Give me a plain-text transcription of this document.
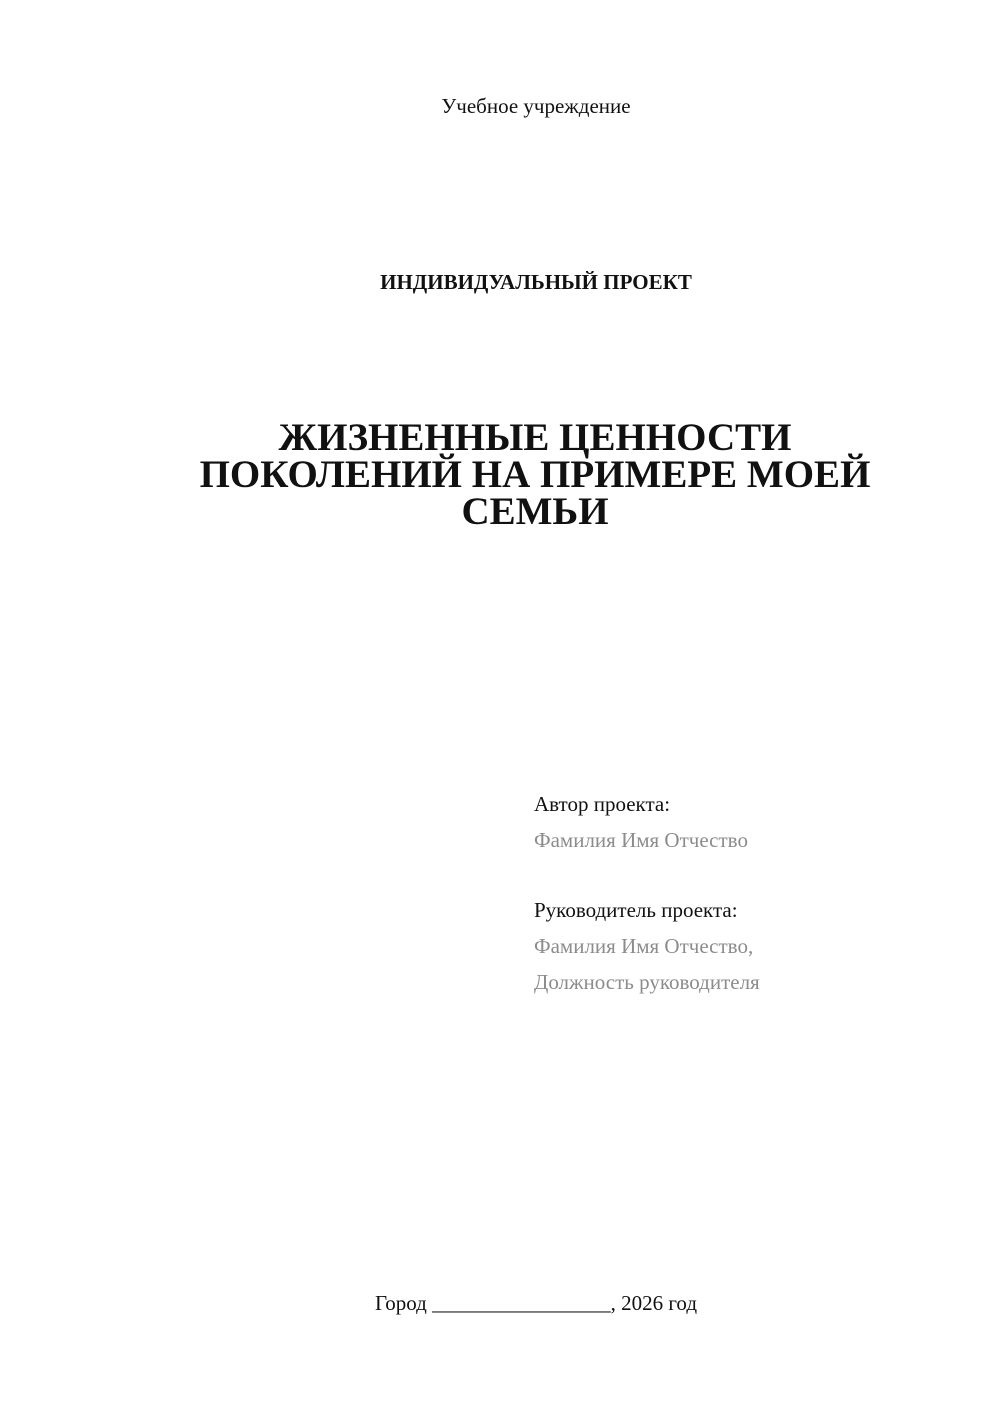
Учебное учреждение
ИНДИВИДУАЛЬНЫЙ ПРОЕКТ
ЖИЗНЕННЫЕ ЦЕННОСТИ
ПОКОЛЕНИЙ НА ПРИМЕРЕ МОЕЙ
СЕМЬИ
Автор проекта:
Фамилия Имя Отчество
Руководитель проекта:
Фамилия Имя Отчество,
Должность руководителя
Город _________________, 2026 год
